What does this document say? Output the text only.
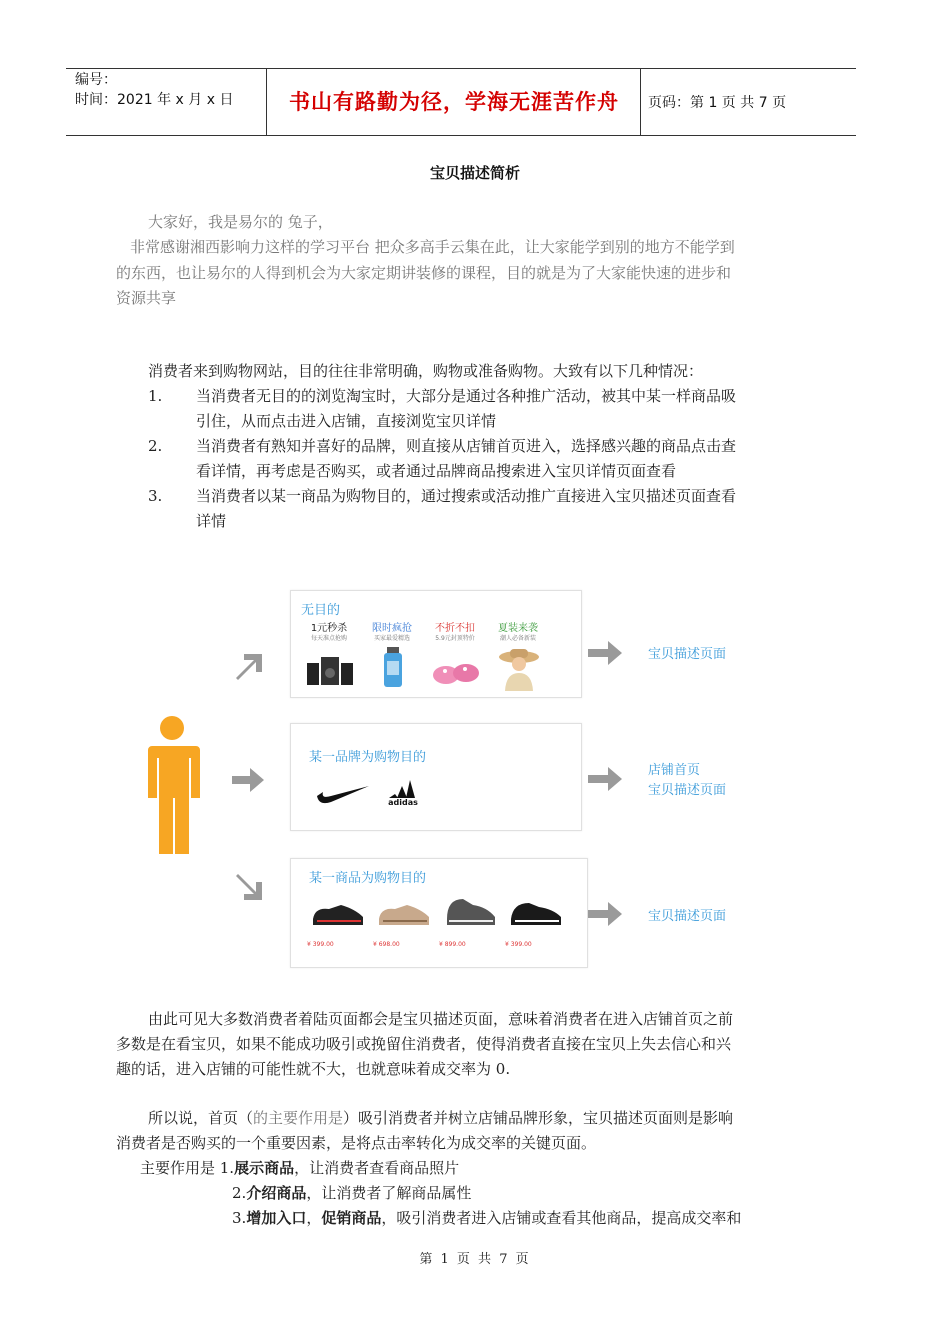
编号：
时间：2021 年 x 月 x 日	书山有路勤为径，学海无涯苦作舟	页码：第 1 页 共 7 页
宝贝描述简析
大家好，我是易尔的 兔子，
非常感谢湘西影响力这样的学习平台 把众多高手云集在此，让大家能学到别的地方不能学到
的东西，也让易尔的人得到机会为大家定期讲装修的课程，目的就是为了大家能快速的进步和
资源共享
消费者来到购物网站，目的往往非常明确，购物或准备购物。大致有以下几种情况：
1.	当消费者无目的的浏览淘宝时，大部分是通过各种推广活动，被其中某一样商品吸
引住，从而点击进入店铺，直接浏览宝贝详情
2.	当消费者有熟知并喜好的品牌，则直接从店铺首页进入，选择感兴趣的商品点击查
看详情，再考虑是否购买，或者通过品牌商品搜索进入宝贝详情页面查看
3.	当消费者以某一商品为购物目的，通过搜索或活动推广直接进入宝贝描述页面查看
详情
无目的
1元秒杀
每天准点抢购
限时疯抢
买家最爱精选
不折不扣
5.9元封顶特价
夏装来袭
潮人必备新装
某一品牌为购物目的
adidas
某一商品为购物目的
¥ 399.00	¥ 698.00	¥ 899.00	¥ 399.00
宝贝描述页面
店铺首页
宝贝描述页面
宝贝描述页面
由此可见大多数消费者着陆页面都会是宝贝描述页面，意味着消费者在进入店铺首页之前
多数是在看宝贝，如果不能成功吸引或挽留住消费者，使得消费者直接在宝贝上失去信心和兴
趣的话，进入店铺的可能性就不大，也就意味着成交率为 0.
所以说，首页（的主要作用是）吸引消费者并树立店铺品牌形象，宝贝描述页面则是影响
消费者是否购买的一个重要因素，是将点击率转化为成交率的关键页面。
主要作用是 1.展示商品，让消费者查看商品照片
2.介绍商品，让消费者了解商品属性
3.增加入口，促销商品，吸引消费者进入店铺或查看其他商品，提高成交率和
第 1 页 共 7 页
